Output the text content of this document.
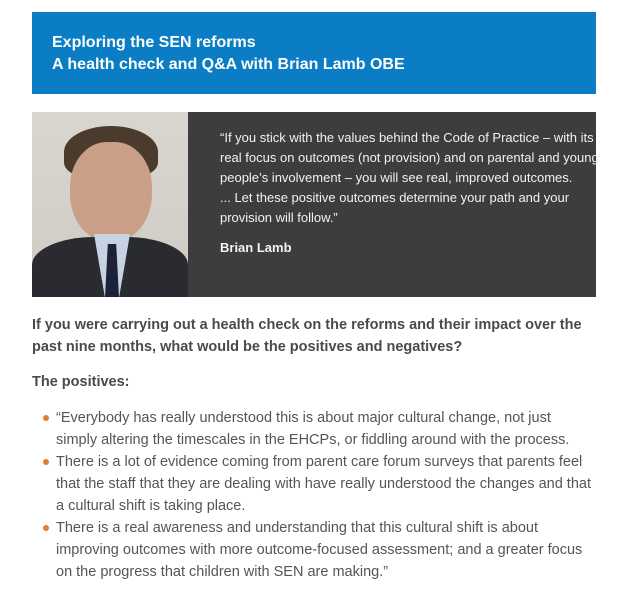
Exploring the SEN reforms
A health check and Q&A with Brian Lamb OBE
“If you stick with the values behind the Code of Practice – with its
real focus on outcomes (not provision) and on parental and young
people’s involvement – you will see real, improved outcomes.
... Let these positive outcomes determine your path and your
provision will follow.”
Brian Lamb

If you were carrying out a health check on the reforms and their impact over the
past nine months, what would be the positives and negatives?

The positives:

“Everybody has really understood this is about major cultural change, not just
simply altering the timescales in the EHCPs, or fiddling around with the process.
There is a lot of evidence coming from parent care forum surveys that parents feel
that the staff that they are dealing with have really understood the changes and that
a cultural shift is taking place.
There is a real awareness and understanding that this cultural shift is about
improving outcomes with more outcome-focused assessment; and a greater focus
on the progress that children with SEN are making.”
